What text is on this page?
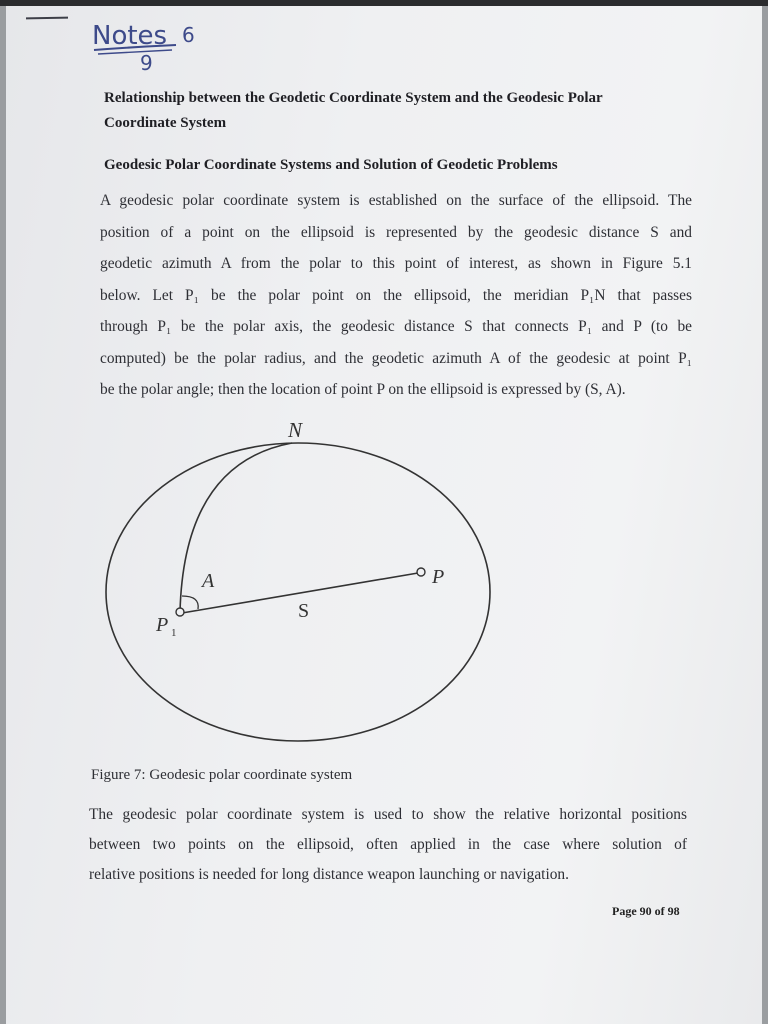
Notes 6
9
Relationship between the Geodetic Coordinate System and the Geodesic Polar
Coordinate System
Geodesic Polar Coordinate Systems and Solution of Geodetic Problems
A geodesic polar coordinate system is established on the surface of the ellipsoid. The
position of a point on the ellipsoid is represented by the geodesic distance S and
geodetic azimuth A from the polar to this point of interest, as shown in Figure 5.1
below. Let P₁ be the polar point on the ellipsoid, the meridian P₁N that passes
through P₁ be the polar axis, the geodesic distance S that connects P₁ and P (to be
computed) be the polar radius, and the geodetic azimuth A of the geodesic at point P₁
be the polar angle; then the location of point P on the ellipsoid is expressed by (S, A).
N
A	P
S
P 1
Figure 7: Geodesic polar coordinate system
The geodesic polar coordinate system is used to show the relative horizontal positions
between two points on the ellipsoid, often applied in the case where solution of
relative positions is needed for long distance weapon launching or navigation.
Page 90 of 98
